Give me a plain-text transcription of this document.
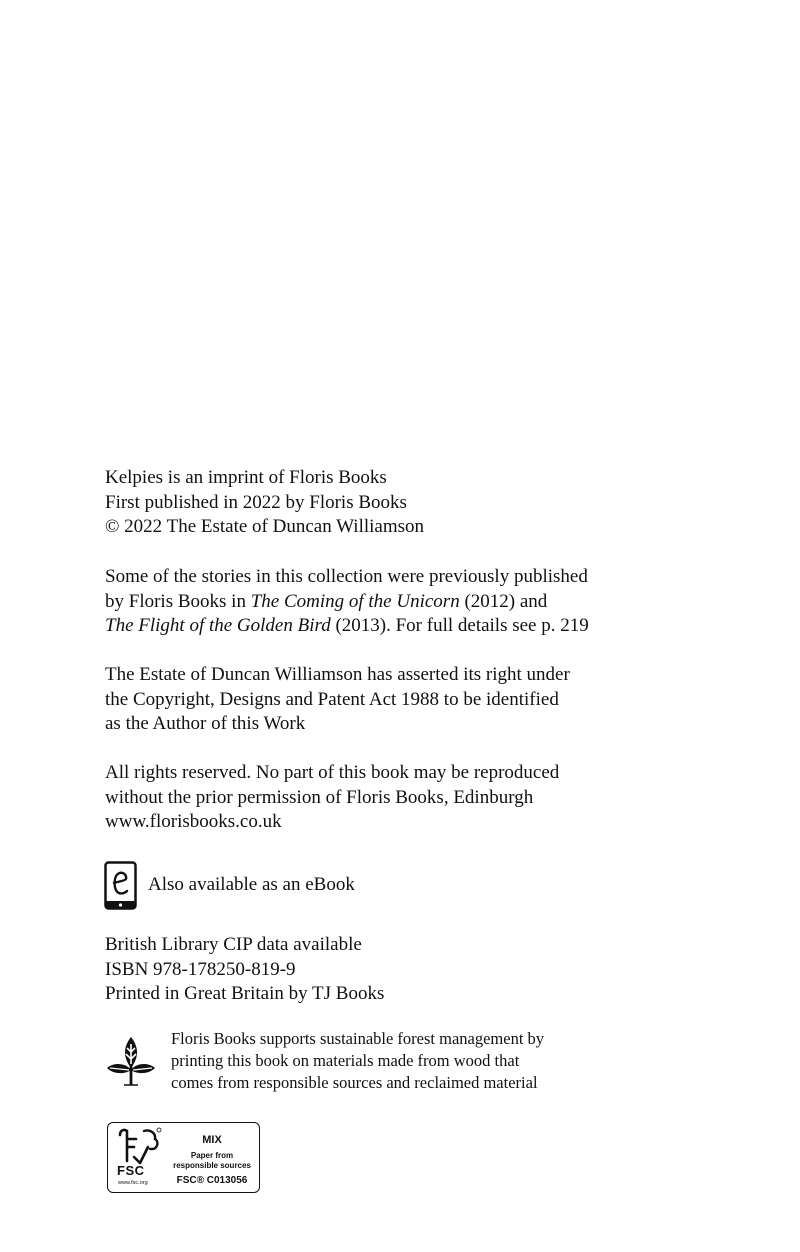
Kelpies is an imprint of Floris Books
First published in 2022 by Floris Books
© 2022 The Estate of Duncan Williamson
Some of the stories in this collection were previously published
by Floris Books in The Coming of the Unicorn (2012) and
The Flight of the Golden Bird (2013). For full details see p. 219
The Estate of Duncan Williamson has asserted its right under
the Copyright, Designs and Patent Act 1988 to be identified
as the Author of this Work
All rights reserved. No part of this book may be reproduced
without the prior permission of Floris Books, Edinburgh
www.florisbooks.co.uk
Also available as an eBook
British Library CIP data available
ISBN 978-178250-819-9
Printed in Great Britain by TJ Books
Floris Books supports sustainable forest management by
printing this book on materials made from wood that
comes from responsible sources and reclaimed material
FSC
www.fsc.org
MIX
Paper from
responsible sources
FSC® C013056
